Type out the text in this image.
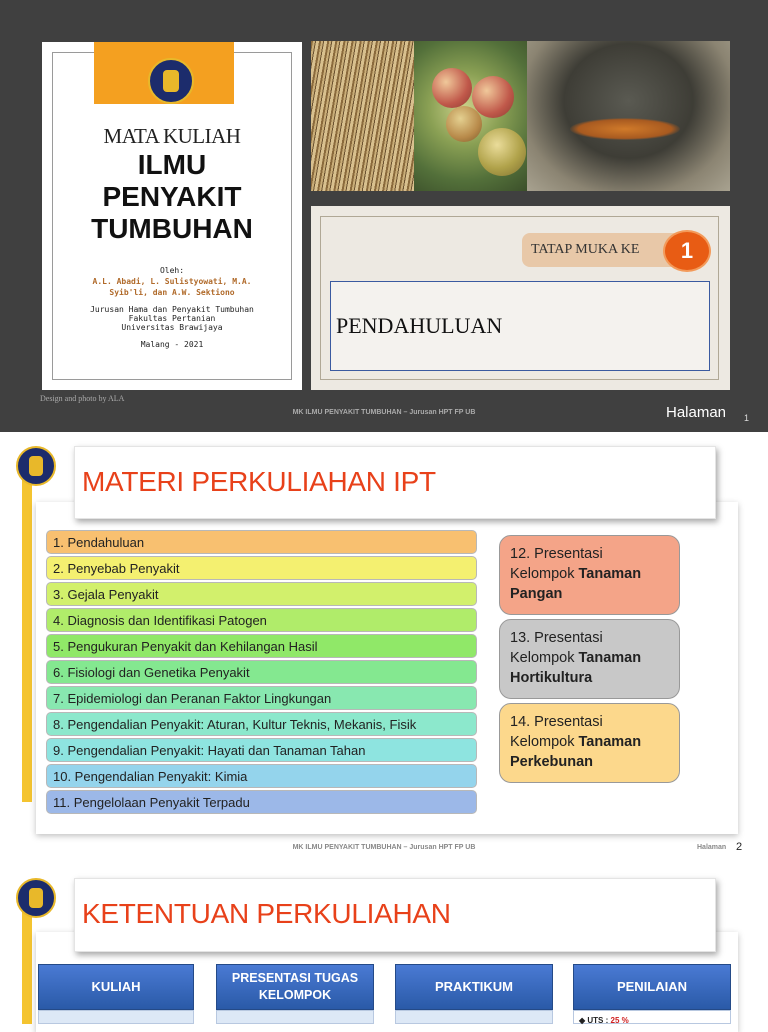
MATA KULIAH
ILMU
PENYAKIT
TUMBUHAN
Oleh:
A.L. Abadi, L. Sulistyowati, M.A.
Syib'li, dan A.W. Sektiono
Jurusan Hama dan Penyakit Tumbuhan
Fakultas Pertanian
Universitas Brawijaya
Malang - 2021
TATAP MUKA KE	1
PENDAHULUAN
Design and photo by ALA
MK ILMU PENYAKIT TUMBUHAN – Jurusan HPT FP UB	Halaman 1
MATERI PERKULIAHAN IPT
1. Pendahuluan
2. Penyebab Penyakit
3. Gejala Penyakit
4. Diagnosis dan Identifikasi Patogen
5. Pengukuran Penyakit dan Kehilangan Hasil
6. Fisiologi dan Genetika Penyakit
7. Epidemiologi dan Peranan Faktor Lingkungan
8. Pengendalian Penyakit: Aturan, Kultur Teknis, Mekanis, Fisik
9. Pengendalian Penyakit: Hayati dan Tanaman Tahan
10. Pengendalian Penyakit: Kimia
11. Pengelolaan Penyakit Terpadu
12. Presentasi
Kelompok Tanaman
Pangan
13. Presentasi
Kelompok Tanaman
Hortikultura
14. Presentasi
Kelompok Tanaman
Perkebunan
MK ILMU PENYAKIT TUMBUHAN – Jurusan HPT FP UB	Halaman 2
KETENTUAN PERKULIAHAN
KULIAH
PRESENTASI TUGAS KELOMPOK
PRAKTIKUM	PENILAIAN
◆ UTS : 25 %
